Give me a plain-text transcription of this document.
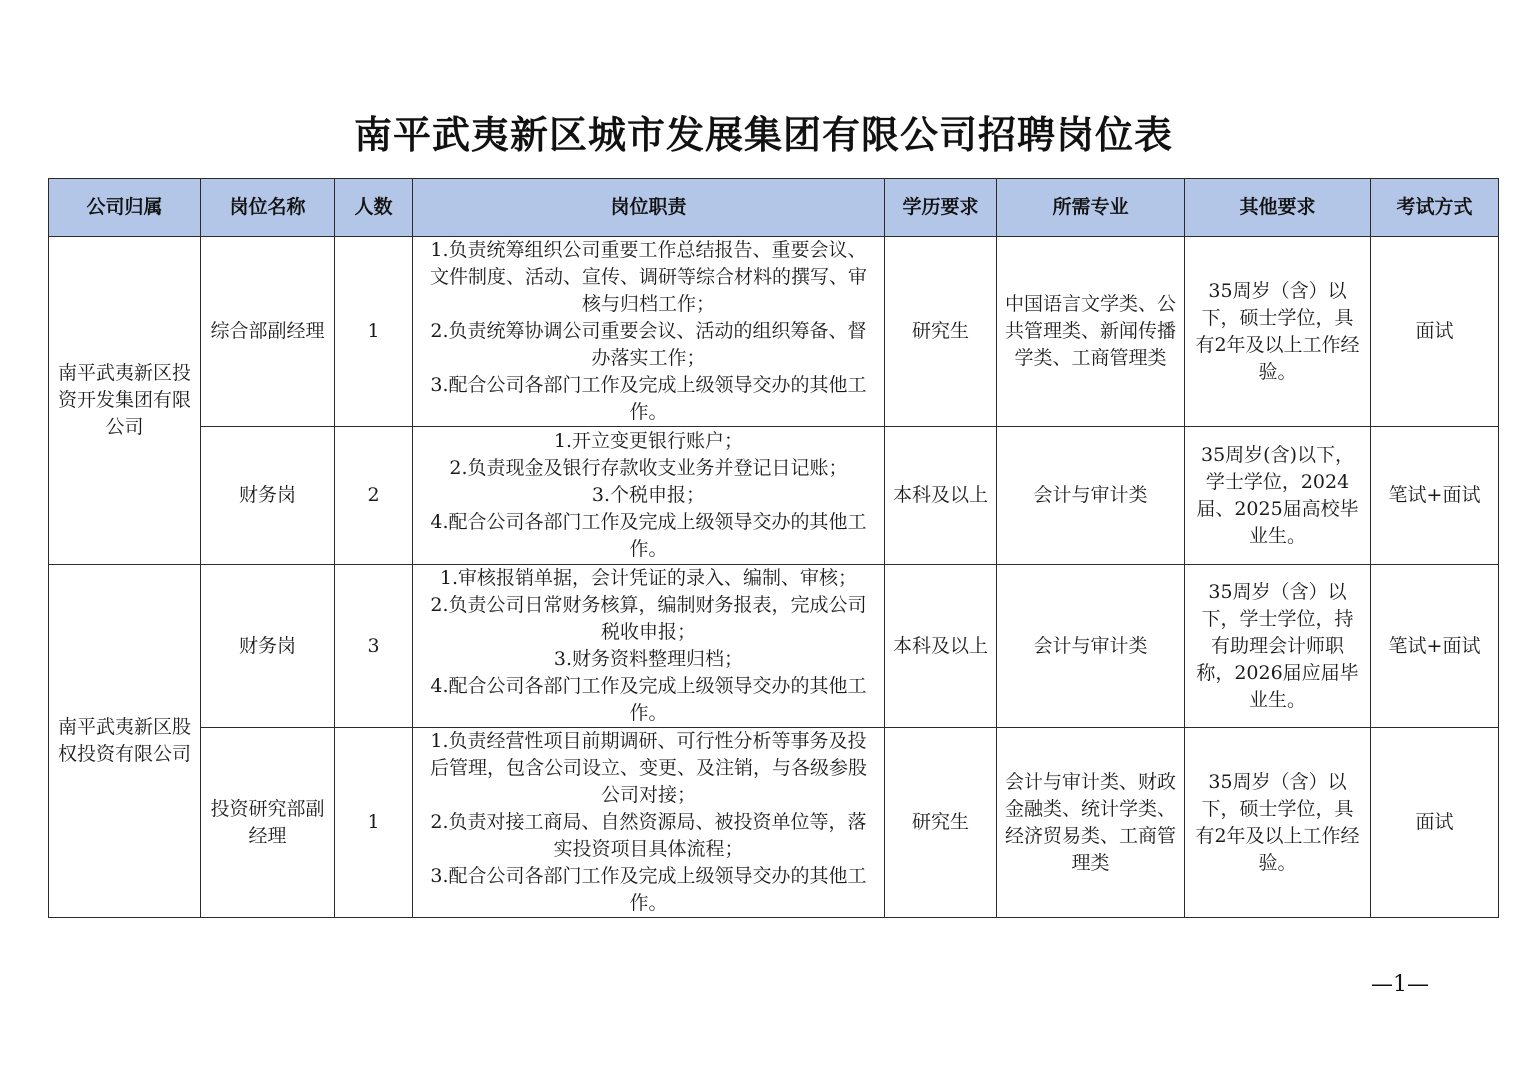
南平武夷新区城市发展集团有限公司招聘岗位表
公司归属	岗位名称	人数	岗位职责	学历要求	所需专业	其他要求	考试方式
南平武夷新区投资开发集团有限公司	综合部副经理	1	1.负责统筹组织公司重要工作总结报告、重要会议、文件制度、活动、宣传、调研等综合材料的撰写、审核与归档工作；
2.负责统筹协调公司重要会议、活动的组织筹备、督办落实工作；
3.配合公司各部门工作及完成上级领导交办的其他工作。	研究生	中国语言文学类、公共管理类、新闻传播学类、工商管理类	35周岁（含）以下，硕士学位，具有2年及以上工作经验。	面试
	财务岗	2	1.开立变更银行账户；
2.负责现金及银行存款收支业务并登记日记账；
3.个税申报；
4.配合公司各部门工作及完成上级领导交办的其他工作。	本科及以上	会计与审计类	35周岁(含)以下，学士学位，2024届、2025届高校毕业生。	笔试+面试
南平武夷新区股权投资有限公司	财务岗	3	1.审核报销单据，会计凭证的录入、编制、审核；
2.负责公司日常财务核算，编制财务报表，完成公司税收申报；
3.财务资料整理归档；
4.配合公司各部门工作及完成上级领导交办的其他工作。	本科及以上	会计与审计类	35周岁（含）以下，学士学位，持有助理会计师职称，2026届应届毕业生。	笔试+面试
	投资研究部副经理	1	1.负责经营性项目前期调研、可行性分析等事务及投后管理，包含公司设立、变更、及注销，与各级参股公司对接；
2.负责对接工商局、自然资源局、被投资单位等，落实投资项目具体流程；
3.配合公司各部门工作及完成上级领导交办的其他工作。	研究生	会计与审计类、财政金融类、统计学类、经济贸易类、工商管理类	35周岁（含）以下，硕士学位，具有2年及以上工作经验。	面试
—1—
